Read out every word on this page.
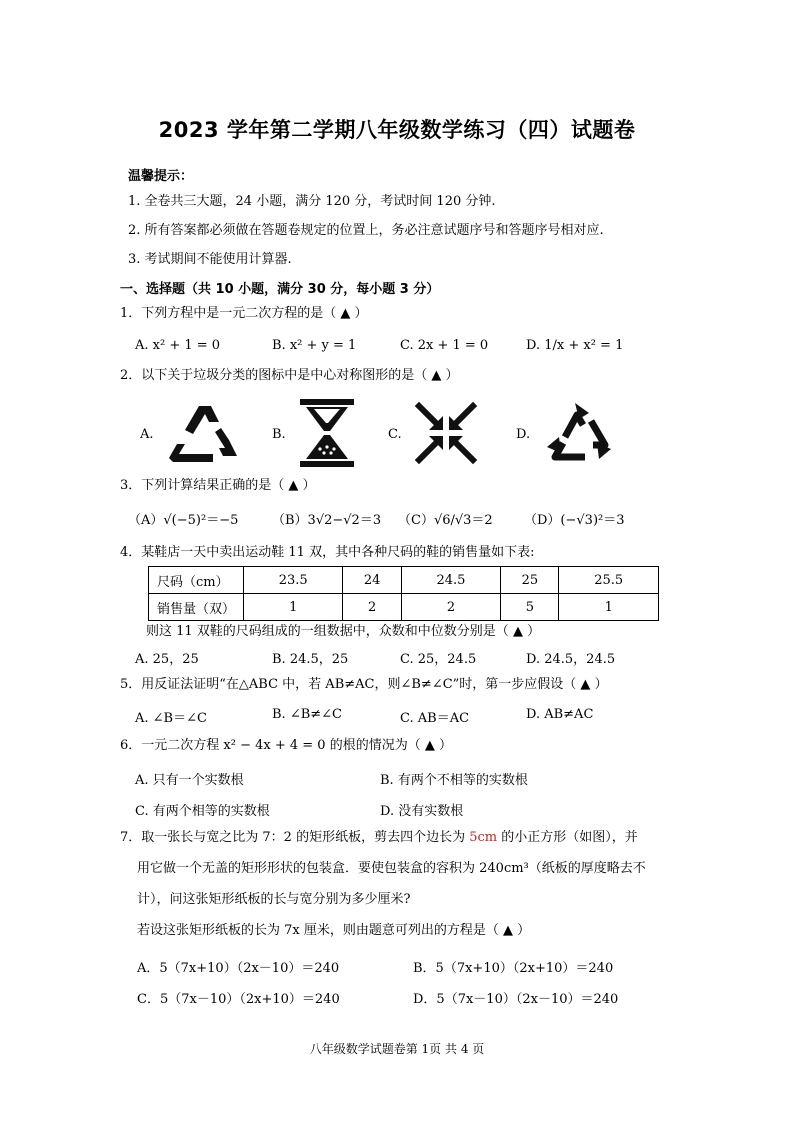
2023 学年第二学期八年级数学练习（四）试题卷
温馨提示：
1. 全卷共三大题，24 小题，满分 120 分，考试时间 120 分钟.
2. 所有答案都必须做在答题卷规定的位置上，务必注意试题序号和答题序号相对应.
3. 考试期间不能使用计算器.
一、选择题（共 10 小题，满分 30 分，每小题 3 分）
1．下列方程中是一元二次方程的是（ ▲ ）
A. x² + 1 = 0	B. x² + y = 1	C. 2x + 1 = 0	D. 1/x + x² = 1
2．以下关于垃圾分类的图标中是中心对称图形的是（ ▲ ）
A.	B.	C.	D.
3．下列计算结果正确的是（ ▲ ）
（A）√(−5)²＝−5	（B）3√2−√2＝3 （C）√6/√3＝2 （D）(−√3)²＝3
4．某鞋店一天中卖出运动鞋 11 双，其中各种尺码的鞋的销售量如下表:
尺码（cm）	23.5	24	24.5	25	25.5
销售量（双）	1	2	2	5	1
则这 11 双鞋的尺码组成的一组数据中，众数和中位数分别是（ ▲ ）
A. 25，25	B. 24.5，25	C. 25，24.5	D. 24.5，24.5
5．用反证法证明“在△ABC 中，若 AB≠AC，则∠B≠∠C”时，第一步应假设（ ▲ ）
A. ∠B＝∠C	B. ∠B≠∠C	C. AB＝AC	D. AB≠AC
6．一元二次方程 x² − 4x + 4 = 0 的根的情况为（ ▲ ）
A. 只有一个实数根	B. 有两个不相等的实数根
C. 有两个相等的实数根	D. 没有实数根
7．取一张长与宽之比为 7：2 的矩形纸板，剪去四个边长为 5cm 的小正方形（如图），并
用它做一个无盖的矩形形状的包装盒．要使包装盒的容积为 240cm³（纸板的厚度略去不
计），问这张矩形纸板的长与宽分别为多少厘米?
若设这张矩形纸板的长为 7x 厘米，则由题意可列出的方程是（ ▲ ）
A．5（7x+10）（2x－10）＝240	B．5（7x+10）（2x+10）＝240
C．5（7x－10）（2x+10）＝240	D．5（7x－10）（2x－10）＝240
八年级数学试题卷第 1页 共 4 页
